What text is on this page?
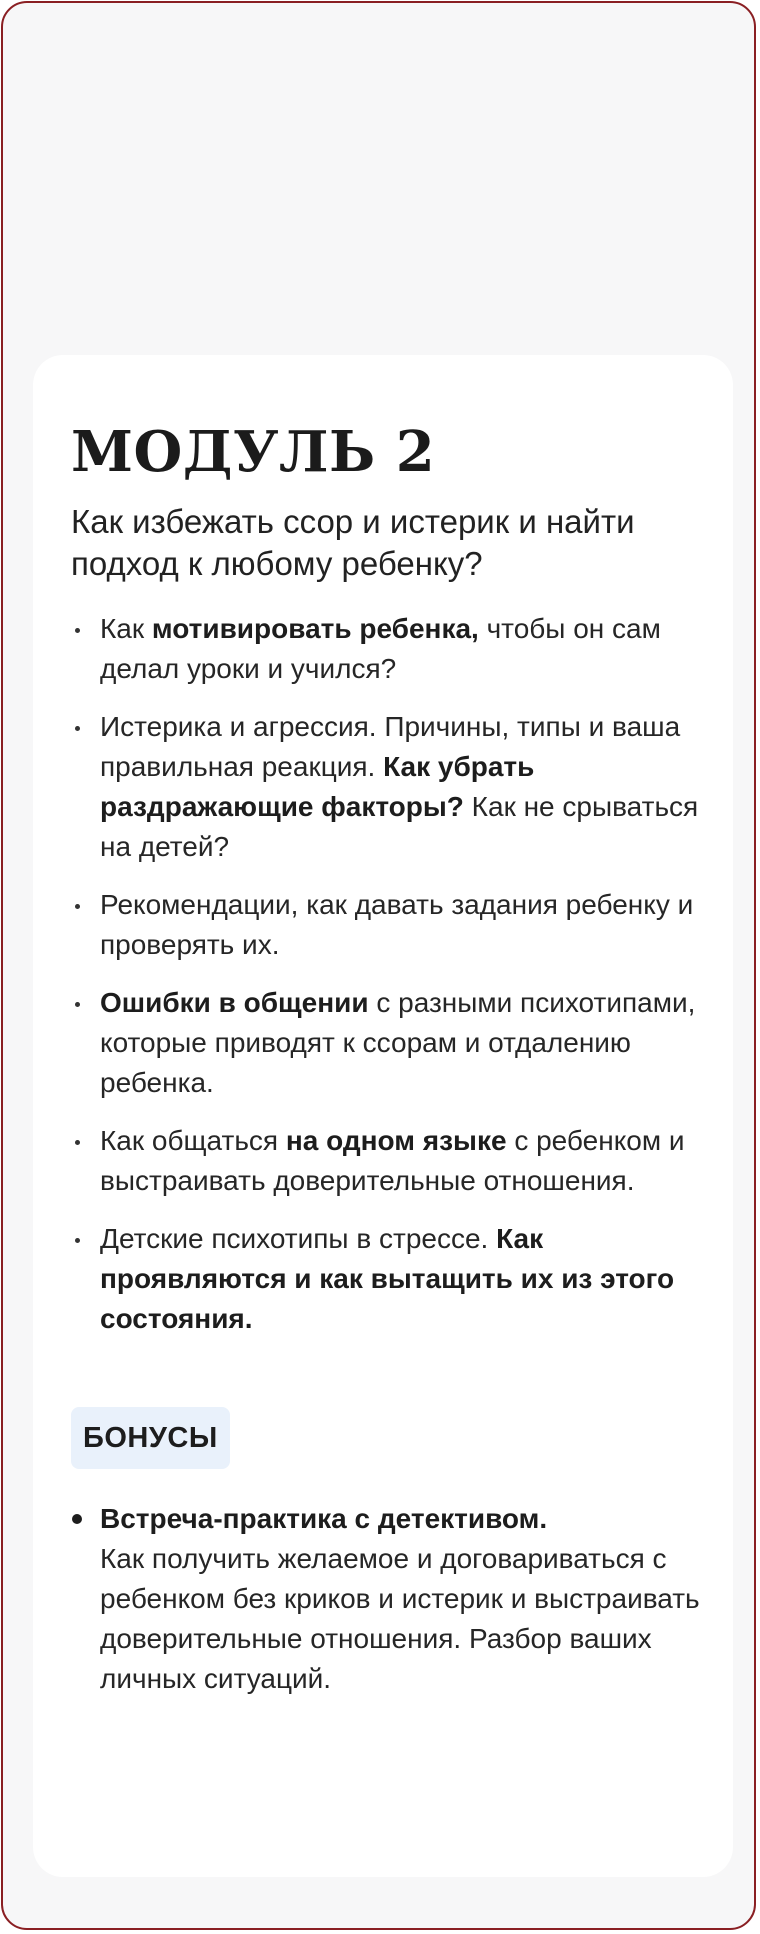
МОДУЛЬ 2
Как избежать ссор и истерик и найти подход к любому ребенку?
Как мотивировать ребенка, чтобы он сам делал уроки и учился?
Истерика и агрессия. Причины, типы и ваша правильная реакция. Как убрать раздражающие факторы? Как не срываться на детей?
Рекомендации, как давать задания ребенку и проверять их.
Ошибки в общении с разными психотипами, которые приводят к ссорам и отдалению ребенка.
Как общаться на одном языке с ребенком и выстраивать доверительные отношения.
Детские психотипы в стрессе. Как проявляются и как вытащить их из этого состояния.
БОНУСЫ
Встреча-практика с детективом.
Как получить желаемое и договариваться с ребенком без криков и истерик и выстраивать доверительные отношения. Разбор ваших личных ситуаций.
